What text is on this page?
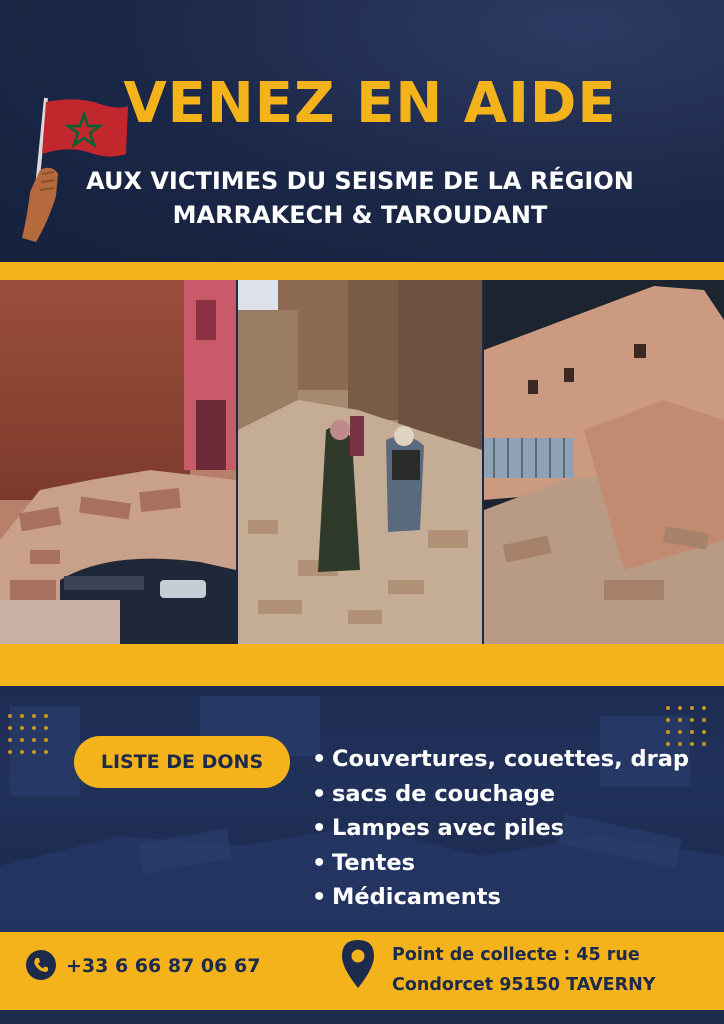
VENEZ EN AIDE
AUX VICTIMES DU SEISME DE LA RÉGION
MARRAKECH & TAROUDANT
LISTE DE DONS	• Couvertures, couettes, drap
• sacs de couchage
• Lampes avec piles
• Tentes
• Médicaments
+33 6 66 87 06 67	Point de collecte : 45 rue
Condorcet 95150 TAVERNY
